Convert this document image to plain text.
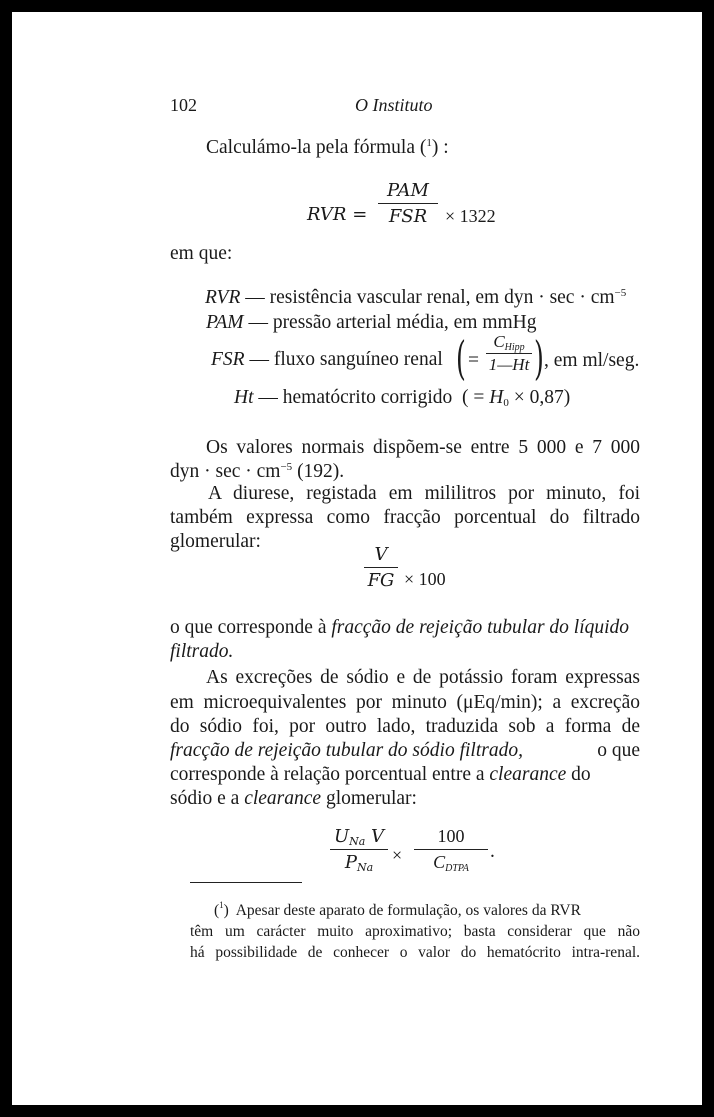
102	O Instituto
Calculámo-la pela fórmula ($^1$) :
RVR =
PAM
FSR × 1322
em que:
RVR — resistência vascular renal, em dyn · $\sec \cdot cm^{-5}$
PAM — pressão arterial média, em mmHg
FSR — fluxo sanguíneo renal ( =
$C_{Hipp}$
1—Ht ) , em ml/seg.
Ht — hematócrito corrigido ( = $H_0 \times 0,87$)
Os valores normais dispõem-se entre 5 000 e 7 000
dyn · $\sec \cdot cm^{-5}$ (192).
A diurese, registada em mililitros por minuto, foi
também expressa como fracção porcentual do filtrado
glomerular:
V
FG × 100
o que corresponde à fracção de rejeição tubular do líquido
filtrado.
As excreções de sódio e de potássio foram expressas
em microequivalentes por minuto (μEq/min); a excreção
do sódio foi, por outro lado, traduzida sob a forma de
fracção de rejeição tubular do sódio filtrado,	o que
corresponde à relação porcentual entre a clearance do
sódio e a clearance glomerular:
$U_{Na}$ V
$P_{Na}$
×
100
$C_{DTPA}$
.
($^1$)  Apesar deste aparato de formulação, os valores da RVR
têm um carácter muito aproximativo; basta considerar que não
há possibilidade de conhecer o valor do hematócrito intra-renal.
